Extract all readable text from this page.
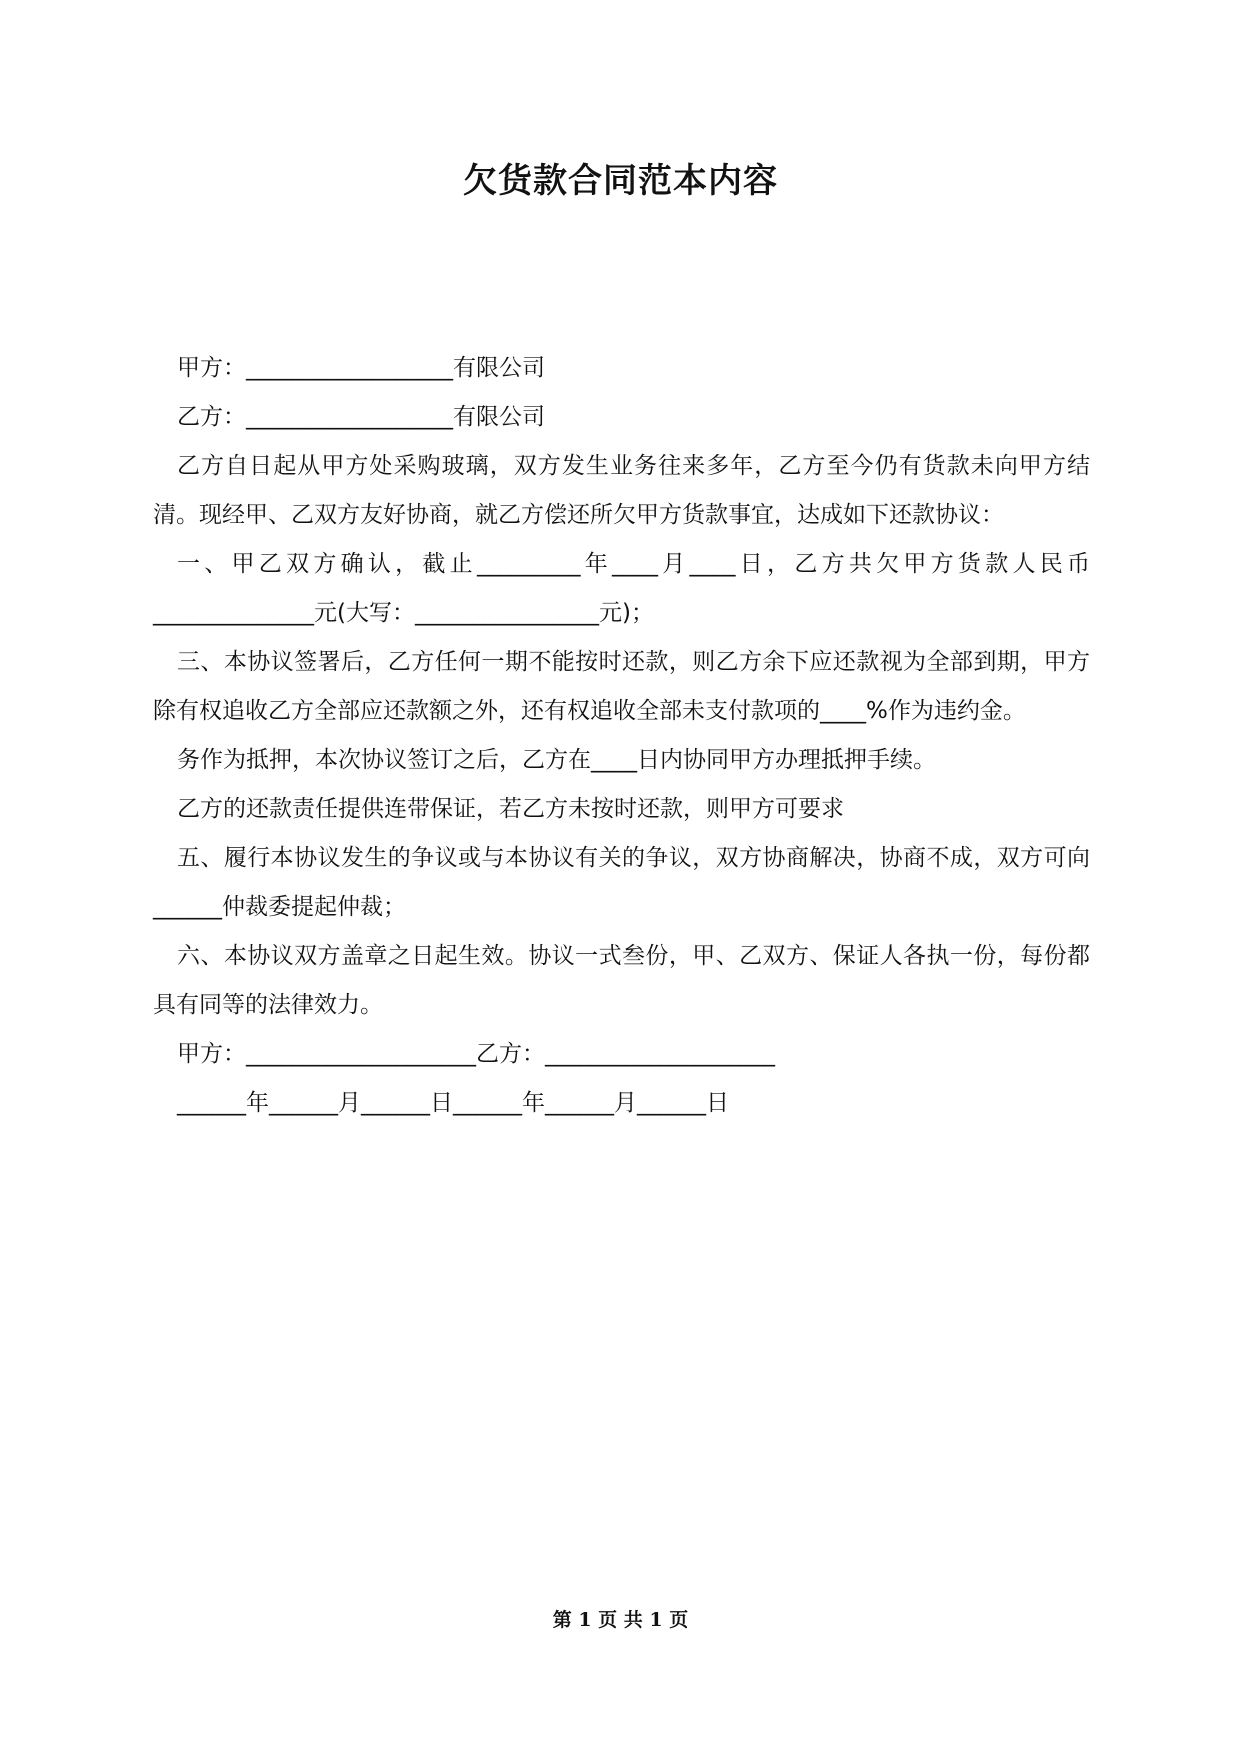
欠货款合同范本内容

甲方：__________________有限公司

乙方：__________________有限公司

乙方自日起从甲方处采购玻璃，双方发生业务往来多年，乙方至今仍有货款未向甲方结清。现经甲、乙双方友好协商，就乙方偿还所欠甲方货款事宜，达成如下还款协议：

一、甲乙双方确认，截止_________年____月____日，乙方共欠甲方货款人民币______________元(大写：________________元)；

三、本协议签署后，乙方任何一期不能按时还款，则乙方余下应还款视为全部到期，甲方除有权追收乙方全部应还款额之外，还有权追收全部未支付款项的____%作为违约金。

务作为抵押，本次协议签订之后，乙方在____日内协同甲方办理抵押手续。

乙方的还款责任提供连带保证，若乙方未按时还款，则甲方可要求

五、履行本协议发生的争议或与本协议有关的争议，双方协商解决，协商不成，双方可向______仲裁委提起仲裁；

六、本协议双方盖章之日起生效。协议一式叁份，甲、乙双方、保证人各执一份，每份都具有同等的法律效力。

甲方：____________________乙方：____________________

______年______月______日______年______月______日

第 1 页 共 1 页
